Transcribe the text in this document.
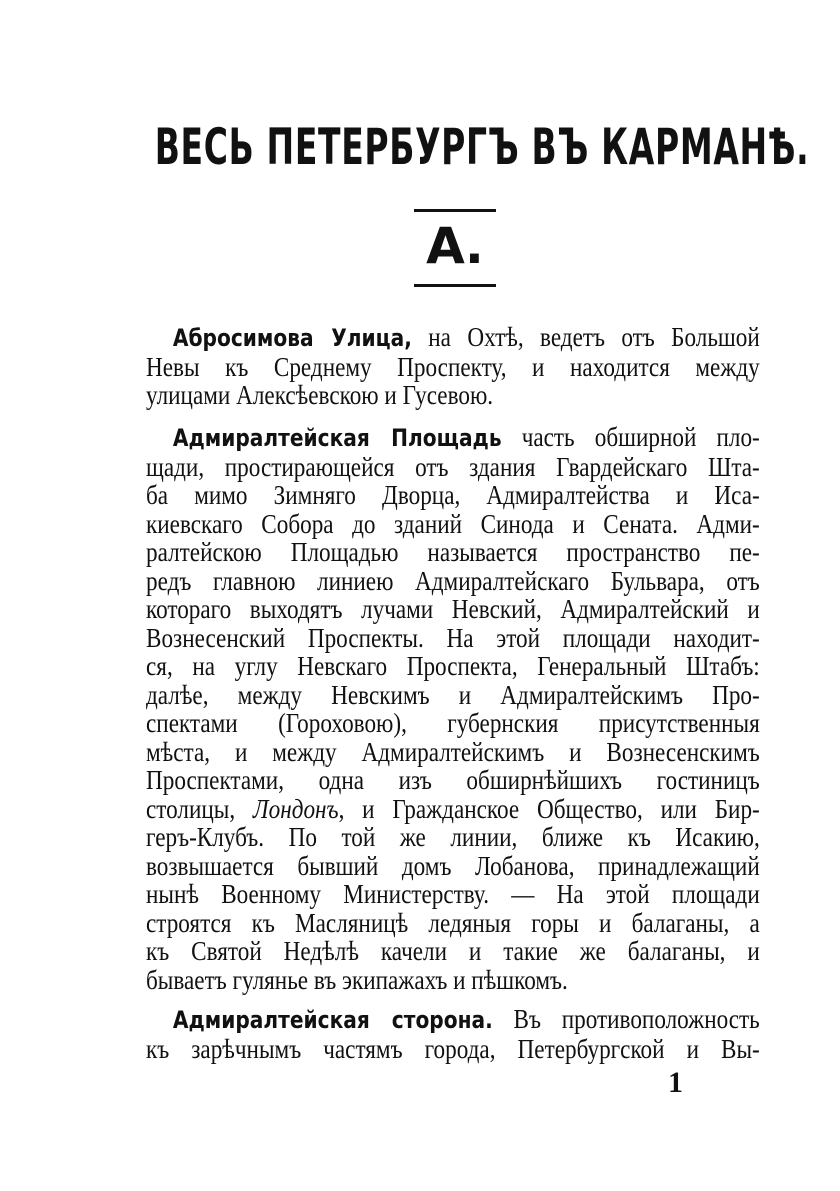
ВЕСЬ ПЕТЕРБУРГЪ ВЪ КАРМАНѢ.
А.
Абросимова Улица, на Охтѣ, ведетъ отъ Большой
Невы къ Среднему Проспекту, и находится между
улицами Алексѣевскою и Гусевою.
Адмиралтейская Площадь часть обширной пло-
щади, простирающейся отъ здания Гвардейскаго Шта-
ба мимо Зимняго Дворца, Адмиралтейства и Иса-
киевскаго Собора до зданий Синода и Сената. Адми-
ралтейскою Площадью называется пространство пе-
редъ главною линиею Адмиралтейскаго Бульвара, отъ
котораго выходятъ лучами Невский, Адмиралтейский и
Вознесенский Проспекты. На этой площади находит-
ся, на углу Невскаго Проспекта, Генеральный Штабъ:
далѣе, между Невскимъ и Адмиралтейскимъ Про-
спектами (Гороховою), губернския присутственныя
мѣста, и между Адмиралтейскимъ и Вознесенскимъ
Проспектами, одна изъ обширнѣйшихъ гостиницъ
столицы, Лондонъ, и Гражданское Общество, или Бир-
геръ-Клубъ. По той же линии, ближе къ Исакию,
возвышается бывший домъ Лобанова, принадлежащий
нынѣ Военному Министерству. — На этой площади
строятся къ Масляницѣ ледяныя горы и балаганы, а
къ Святой Недѣлѣ качели и такие же балаганы, и
бываетъ гулянье въ экипажахъ и пѣшкомъ.
Адмиралтейская сторона. Въ противоположность
къ зарѣчнымъ частямъ города, Петербургской и Вы-
1
